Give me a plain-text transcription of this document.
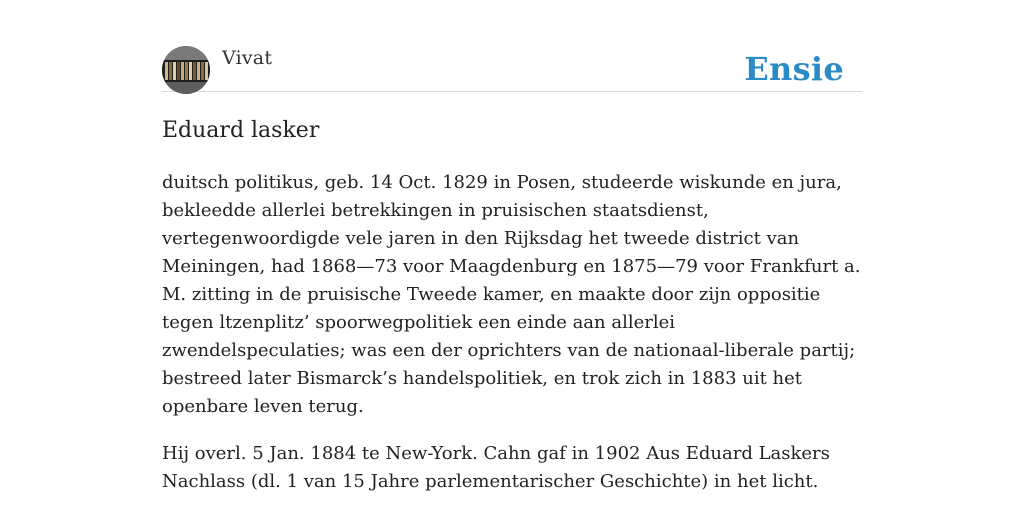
Vivat	Ensie
Eduard lasker

duitsch politikus, geb. 14 Oct. 1829 in Posen, studeerde wiskunde en jura, bekleedde allerlei betrekkingen in pruisischen staatsdienst, vertegenwoordigde vele jaren in den Rijksdag het tweede district van Meiningen, had 1868—73 voor Maagdenburg en 1875—79 voor Frankfurt a. M. zitting in de pruisische Tweede kamer, en maakte door zijn oppositie tegen ltzenplitz’ spoorwegpolitiek een einde aan allerlei zwendelspeculaties; was een der oprichters van de nationaal-liberale partij; bestreed later Bismarck’s handelspolitiek, en trok zich in 1883 uit het openbare leven terug.

Hij overl. 5 Jan. 1884 te New-York. Cahn gaf in 1902 Aus Eduard Laskers Nachlass (dl. 1 van 15 Jahre parlementarischer Geschichte) in het licht.
